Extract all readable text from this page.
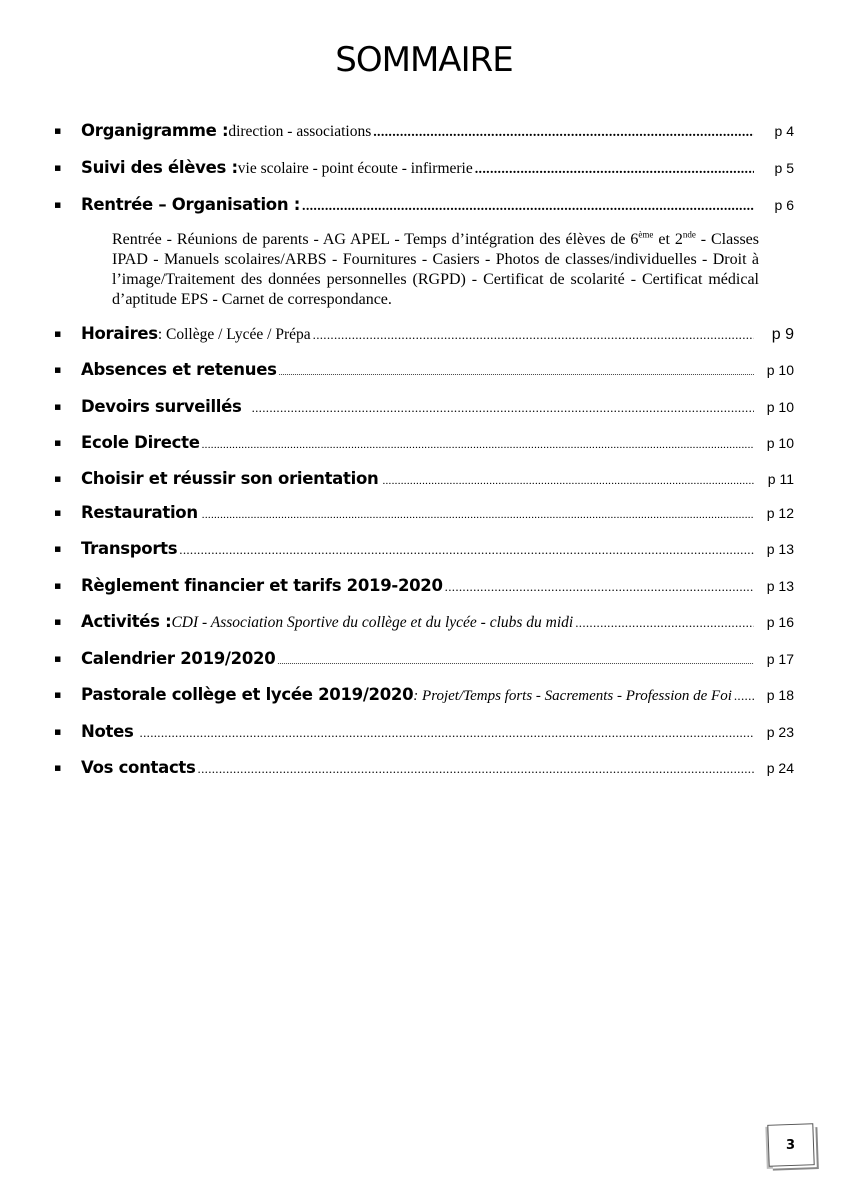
SOMMAIRE
▪
Organigramme : direction - associations .....	p 4
▪
Suivi des élèves : vie scolaire - point écoute - infirmerie .....	p 5
▪
Rentrée – Organisation : .....	p 6

Rentrée - Réunions de parents - AG APEL - Temps d’intégration des élèves de 6ème et 2nde - Classes IPAD - Manuels scolaires/ARBS - Fournitures - Casiers - Photos de classes/individuelles - Droit à l’image/Traitement des données personnelles (RGPD) - Certificat de scolarité - Certificat médical d’aptitude EPS - Carnet de correspondance.

▪
Horaires : Collège / Lycée / Prépa .....	p 9
▪
Absences et retenues .....	p 10
▪
Devoirs surveillés .....	p 10
▪
Ecole Directe .....	p 10
▪
Choisir et réussir son orientation .....	p 11
▪
Restauration .....	p 12
▪
Transports .....	p 13
▪
Règlement financier et tarifs 2019-2020 .....	p 13
▪
Activités : CDI - Association Sportive du collège et du lycée - clubs du midi .....	p 16
▪
Calendrier 2019/2020 .....	p 17
▪
Pastorale collège et lycée 2019/2020 : Projet/Temps forts - Sacrements - Profession de Foi .....	p 18
▪
Notes .....	p 23
▪
Vos contacts .....	p 24
3
